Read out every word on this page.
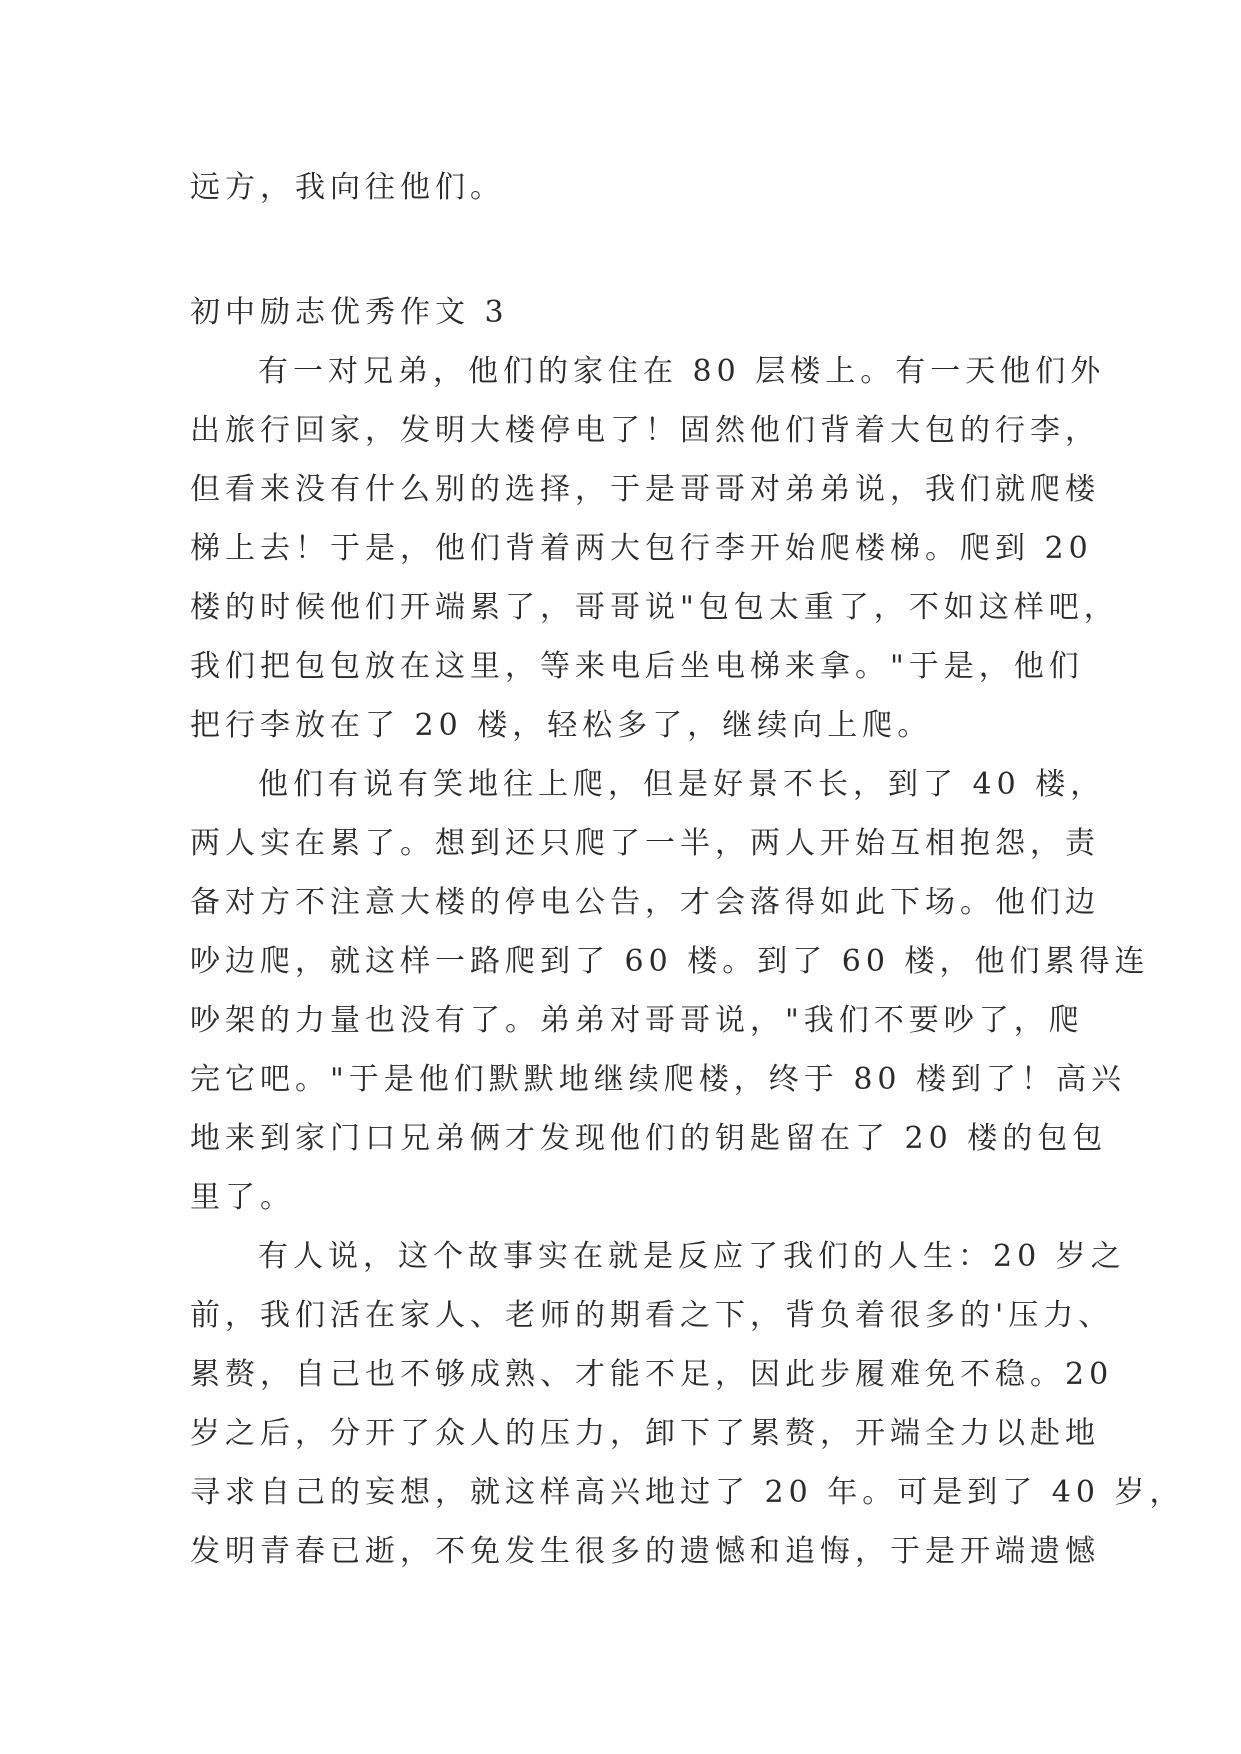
远方，我向往他们。
初中励志优秀作文 3
有一对兄弟，他们的家住在 80 层楼上。有一天他们外
出旅行回家，发明大楼停电了！固然他们背着大包的行李，
但看来没有什么别的选择，于是哥哥对弟弟说，我们就爬楼
梯上去！于是，他们背着两大包行李开始爬楼梯。爬到 20
楼的时候他们开端累了，哥哥说"包包太重了，不如这样吧，
我们把包包放在这里，等来电后坐电梯来拿。"于是，他们
把行李放在了 20 楼，轻松多了，继续向上爬。
他们有说有笑地往上爬，但是好景不长，到了 40 楼，
两人实在累了。想到还只爬了一半，两人开始互相抱怨，责
备对方不注意大楼的停电公告，才会落得如此下场。他们边
吵边爬，就这样一路爬到了 60 楼。到了 60 楼，他们累得连
吵架的力量也没有了。弟弟对哥哥说，"我们不要吵了，爬
完它吧。"于是他们默默地继续爬楼，终于 80 楼到了！高兴
地来到家门口兄弟俩才发现他们的钥匙留在了 20 楼的包包
里了。
有人说，这个故事实在就是反应了我们的人生：20 岁之
前，我们活在家人、老师的期看之下，背负着很多的'压力、
累赘，自己也不够成熟、才能不足，因此步履难免不稳。20
岁之后，分开了众人的压力，卸下了累赘，开端全力以赴地
寻求自己的妄想，就这样高兴地过了 20 年。可是到了 40 岁，
发明青春已逝，不免发生很多的遗憾和追悔，于是开端遗憾
